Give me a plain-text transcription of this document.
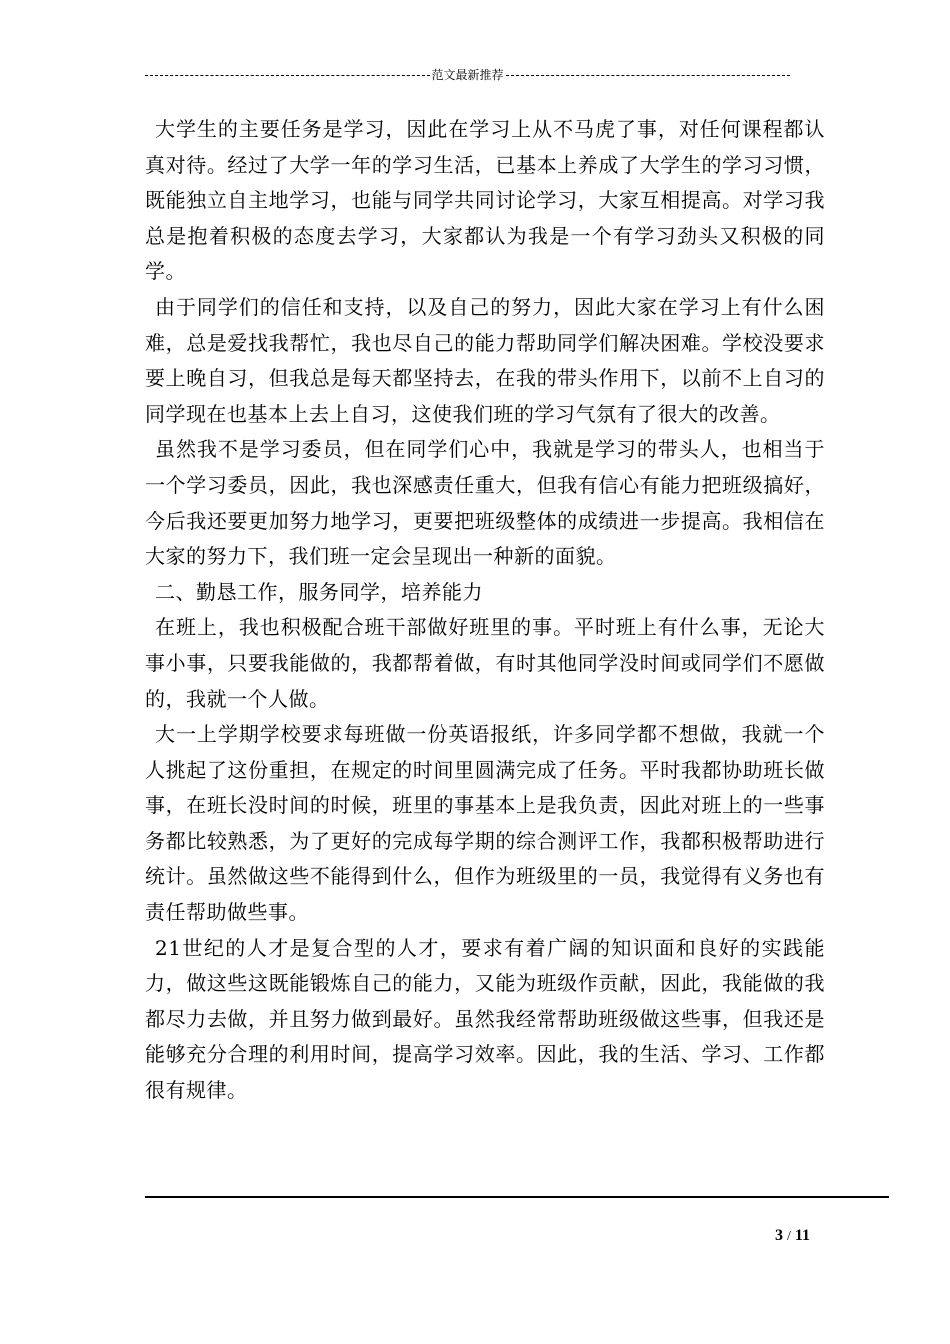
范文最新推荐

大学生的主要任务是学习，因此在学习上从不马虎了事，对任何课程都认真对待。经过了大学一年的学习生活，已基本上养成了大学生的学习习惯，既能独立自主地学习，也能与同学共同讨论学习，大家互相提高。对学习我总是抱着积极的态度去学习，大家都认为我是一个有学习劲头又积极的同学。

由于同学们的信任和支持，以及自己的努力，因此大家在学习上有什么困难，总是爱找我帮忙，我也尽自己的能力帮助同学们解决困难。学校没要求要上晚自习，但我总是每天都坚持去，在我的带头作用下，以前不上自习的同学现在也基本上去上自习，这使我们班的学习气氛有了很大的改善。

虽然我不是学习委员，但在同学们心中，我就是学习的带头人，也相当于一个学习委员，因此，我也深感责任重大，但我有信心有能力把班级搞好，今后我还要更加努力地学习，更要把班级整体的成绩进一步提高。我相信在大家的努力下，我们班一定会呈现出一种新的面貌。

二、勤恳工作，服务同学，培养能力

在班上，我也积极配合班干部做好班里的事。平时班上有什么事，无论大事小事，只要我能做的，我都帮着做，有时其他同学没时间或同学们不愿做的，我就一个人做。

大一上学期学校要求每班做一份英语报纸，许多同学都不想做，我就一个人挑起了这份重担，在规定的时间里圆满完成了任务。平时我都协助班长做事，在班长没时间的时候，班里的事基本上是我负责，因此对班上的一些事务都比较熟悉，为了更好的完成每学期的综合测评工作，我都积极帮助进行统计。虽然做这些不能得到什么，但作为班级里的一员，我觉得有义务也有责任帮助做些事。

21世纪的人才是复合型的人才，要求有着广阔的知识面和良好的实践能力，做这些这既能锻炼自己的能力，又能为班级作贡献，因此，我能做的我都尽力去做，并且努力做到最好。虽然我经常帮助班级做这些事，但我还是能够充分合理的利用时间，提高学习效率。因此，我的生活、学习、工作都很有规律。

3 / 11
